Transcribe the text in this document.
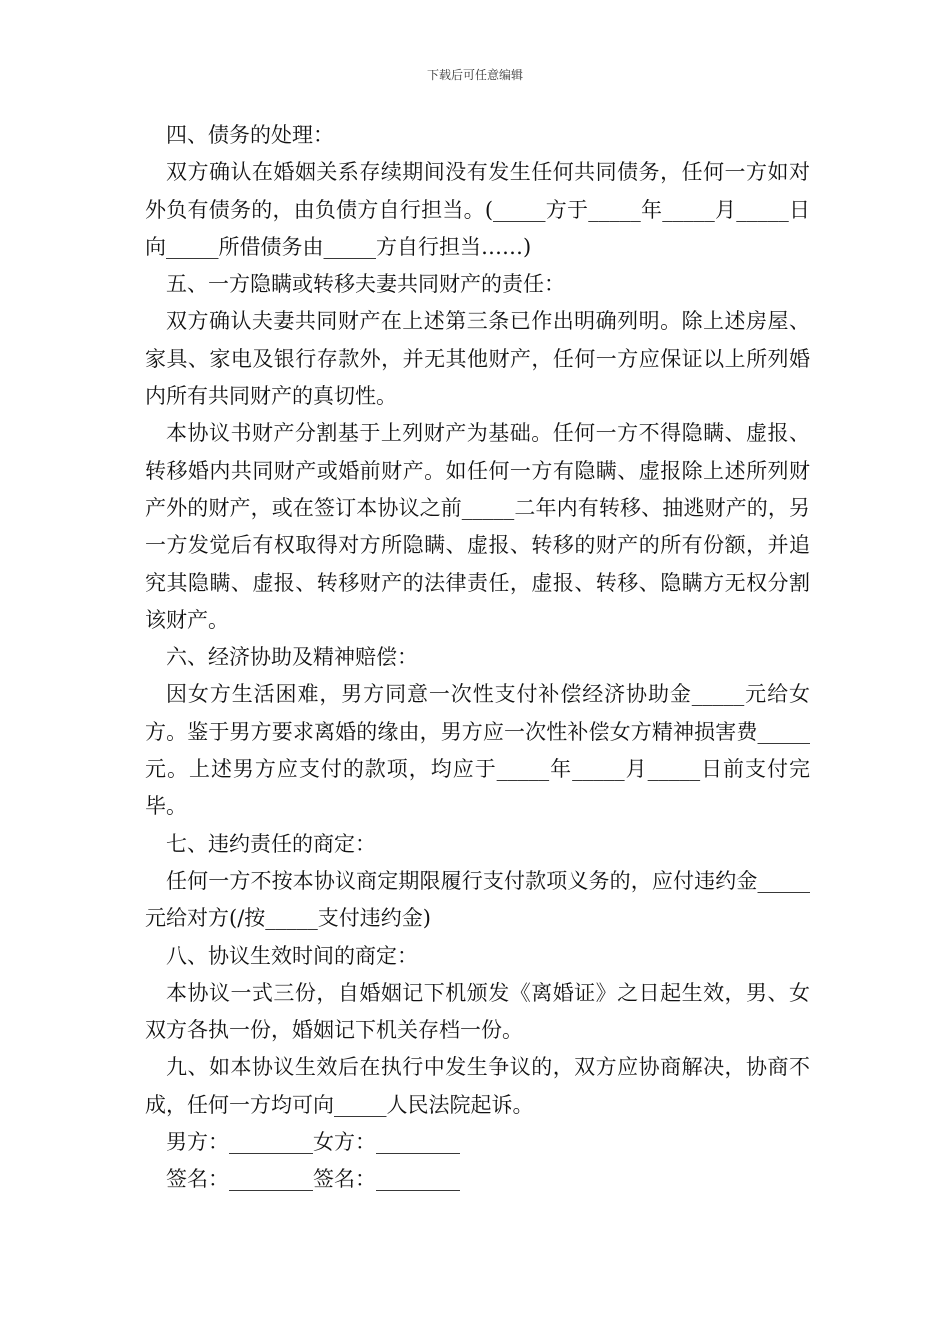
下载后可任意编辑

四、债务的处理：

双方确认在婚姻关系存续期间没有发生任何共同债务，任何一方如对外负有债务的，由负债方自行担当。(_____方于_____年_____月_____日向_____所借债务由_____方自行担当……)

五、一方隐瞒或转移夫妻共同财产的责任：

双方确认夫妻共同财产在上述第三条已作出明确列明。除上述房屋、家具、家电及银行存款外，并无其他财产，任何一方应保证以上所列婚内所有共同财产的真切性。

本协议书财产分割基于上列财产为基础。任何一方不得隐瞒、虚报、转移婚内共同财产或婚前财产。如任何一方有隐瞒、虚报除上述所列财产外的财产，或在签订本协议之前_____二年内有转移、抽逃财产的，另一方发觉后有权取得对方所隐瞒、虚报、转移的财产的所有份额，并追究其隐瞒、虚报、转移财产的法律责任，虚报、转移、隐瞒方无权分割该财产。

六、经济协助及精神赔偿：

因女方生活困难，男方同意一次性支付补偿经济协助金_____元给女方。鉴于男方要求离婚的缘由，男方应一次性补偿女方精神损害费_____元。上述男方应支付的款项，均应于_____年_____月_____日前支付完毕。

七、违约责任的商定：

任何一方不按本协议商定期限履行支付款项义务的，应付违约金_____元给对方(/按_____支付违约金)

八、协议生效时间的商定：

本协议一式三份，自婚姻记下机颁发《离婚证》之日起生效，男、女双方各执一份，婚姻记下机关存档一份。

九、如本协议生效后在执行中发生争议的，双方应协商解决，协商不成，任何一方均可向_____人民法院起诉。

男方：________女方：________

签名：________签名：________
